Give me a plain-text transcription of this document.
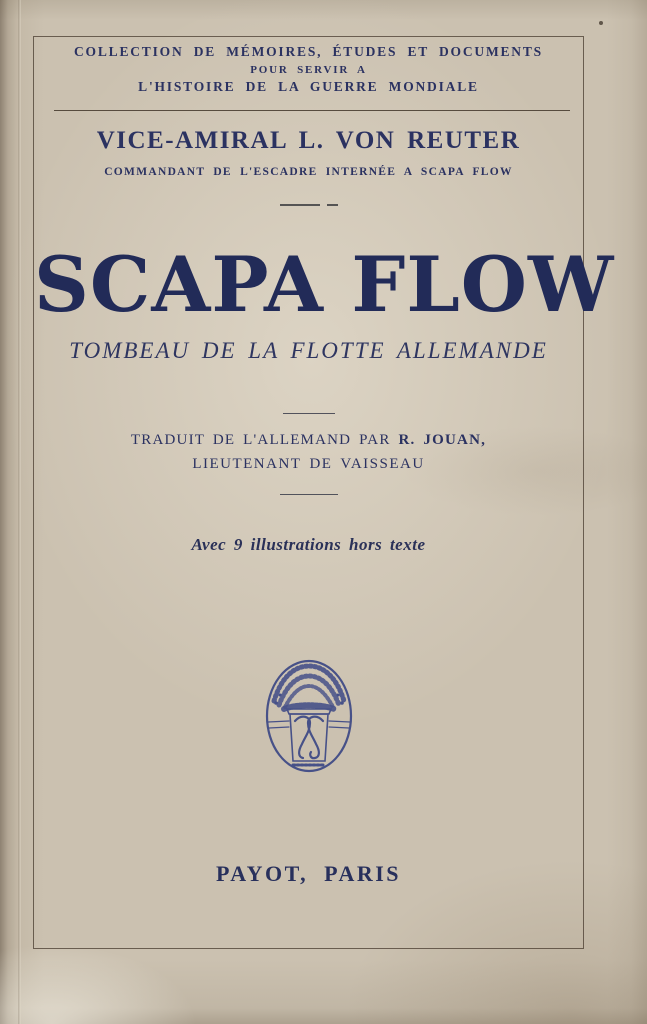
COLLECTION DE MÉMOIRES, ÉTUDES ET DOCUMENTS
POUR SERVIR A
L'HISTOIRE DE LA GUERRE MONDIALE
VICE-AMIRAL L. VON REUTER
COMMANDANT DE L'ESCADRE INTERNÉE A SCAPA FLOW
SCAPA FLOW
TOMBEAU DE LA FLOTTE ALLEMANDE
TRADUIT DE L'ALLEMAND PAR R. JOUAN,
LIEUTENANT DE VAISSEAU
Avec 9 illustrations hors texte
PAYOT, PARIS
